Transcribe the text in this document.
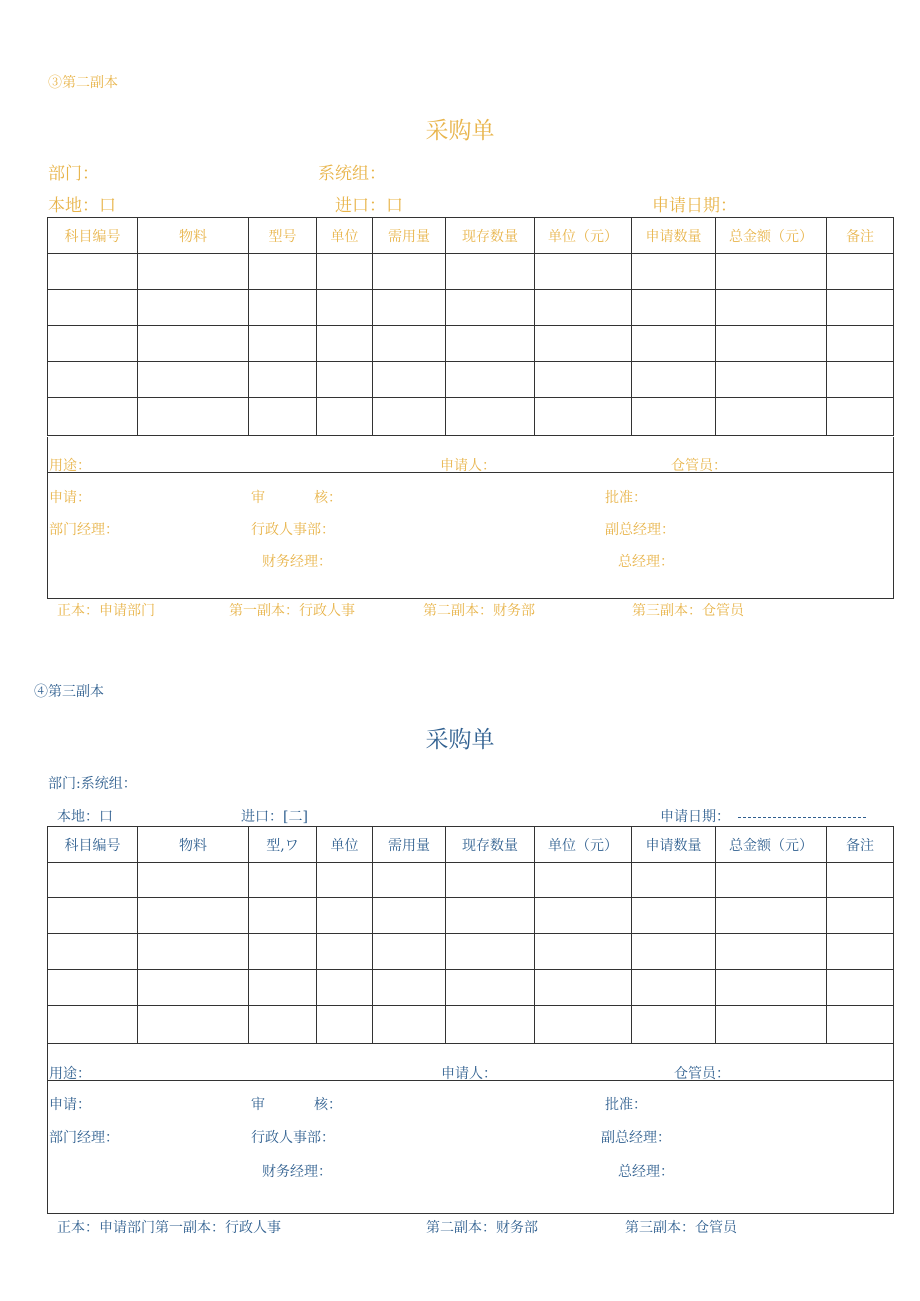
③第二副本
采购单
部门：	系统组：
本地：口	进口：口	申请日期：
科目编号	物料	型号	单位	需用量	现存数量	单位（元）	申请数量	总金额（元）	备注

用途：	申请人：	仓管员：
申请：	审	核：	批准：
部门经理：	行政人事部：	副总经理：
财务经理：	总经理：
正本：申请部门	第一副本：行政人事	第二副本：财务部	第三副本：仓管员
④第三副本
采购单
部门:系统组：
本地：口	进口：[二]	申请日期：
科目编号	物料	型,ワ	单位	需用量	现存数量	单位（元）	申请数量	总金额（元）	备注

用途：	申请人：	仓管员：
申请：	审	核：	批准：
部门经理：	行政人事部：	副总经理：
财务经理：	总经理：
正本：申请部门第一副本：行政人事	第二副本：财务部	第三副本：仓管员
